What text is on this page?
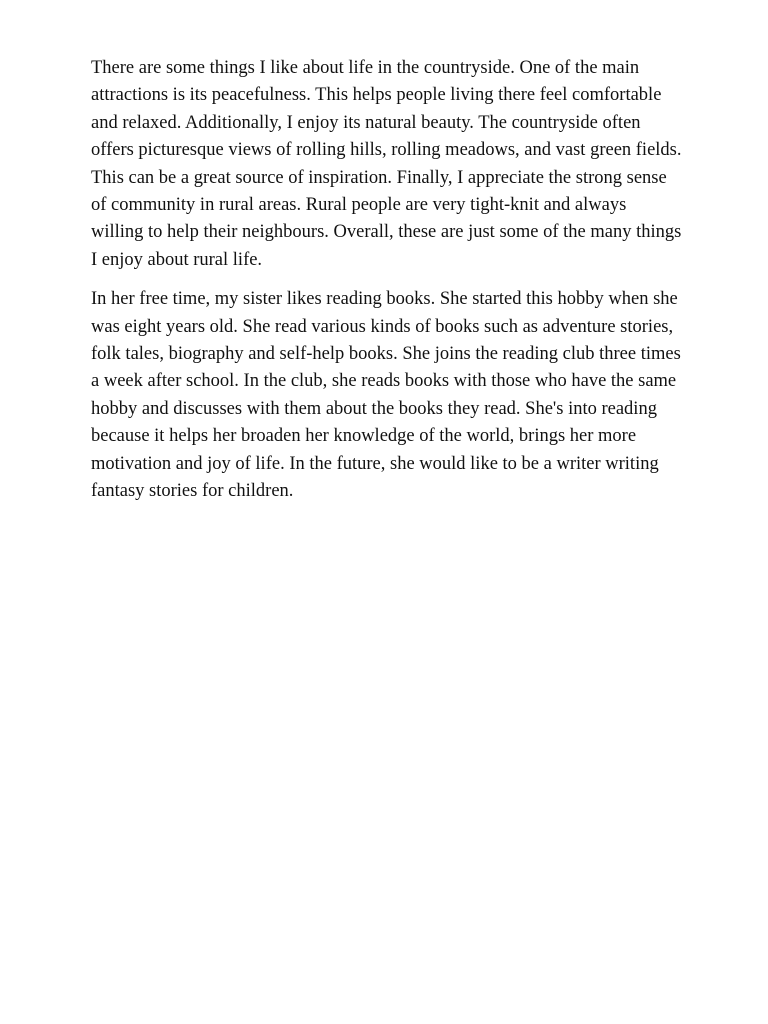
There are some things I like about life in the countryside. One of the main attractions is its peacefulness. This helps people living there feel comfortable and relaxed. Additionally, I enjoy its natural beauty. The countryside often offers picturesque views of rolling hills, rolling meadows, and vast green fields. This can be a great source of inspiration. Finally, I appreciate the strong sense of community in rural areas. Rural people are very tight-knit and always willing to help their neighbours. Overall, these are just some of the many things I enjoy about rural life.

In her free time, my sister likes reading books. She started this hobby when she was eight years old. She read various kinds of books such as adventure stories, folk tales, biography and self-help books. She joins the reading club three times a week after school. In the club, she reads books with those who have the same hobby and discusses with them about the books they read. She's into reading because it helps her broaden her knowledge of the world, brings her more motivation and joy of life. In the future, she would like to be a writer writing fantasy stories for children.
